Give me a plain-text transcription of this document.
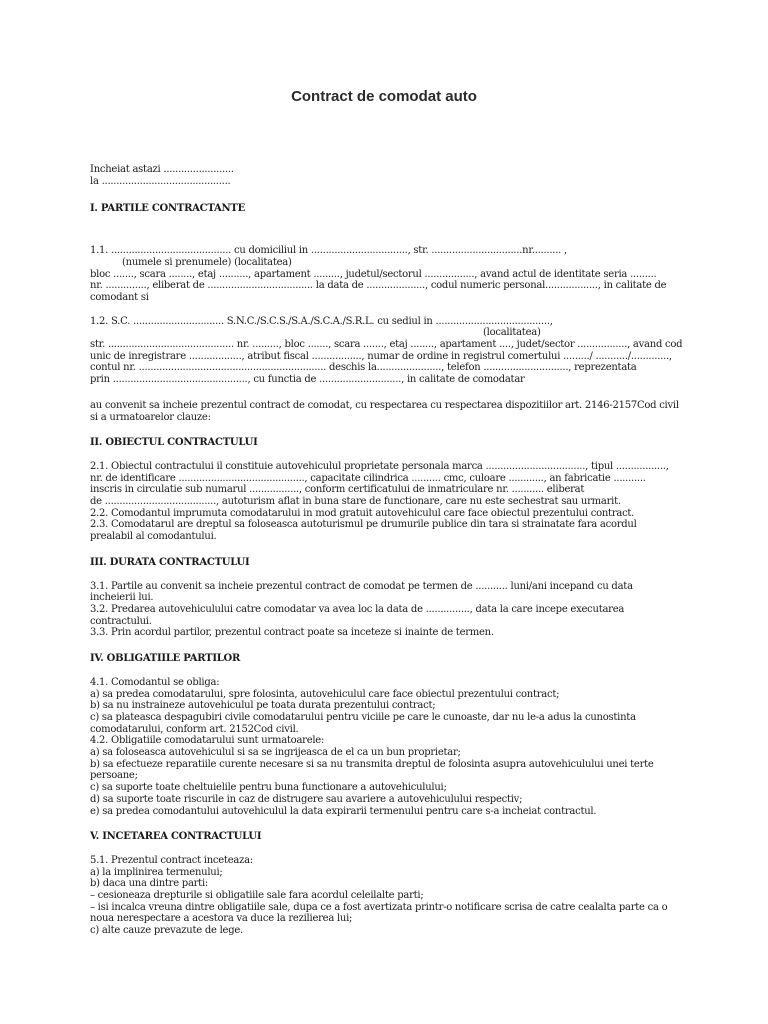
Contract de comodat auto
Incheiat astazi ........................
la ............................................
I. PARTILE CONTRACTANTE
1.1. ......................................... cu domiciliul in ................................., str. ...............................nr.......... ,
(numele si prenumele) (localitatea)
bloc ......., scara ........, etaj .........., apartament ........., judetul/sectorul ................., avand actul de identitate seria .........
nr. .............., eliberat de .................................... la data de ...................., codul numeric personal.................., in calitate de
comodant si
1.2. S.C. ............................... S.N.C./S.C.S./S.A./S.C.A./S.R.L. cu sediul in .......................................,
(localitatea)
str. ........................................... nr. ........., bloc ......., scara ......., etaj ........, apartament ...., judet/sector ................., avand cod
unic de inregistrare .................., atribut fiscal ................., numar de ordine in registrul comertului ........./ .........../.............,
contul nr. ................................................................ deschis la......................, telefon ............................., reprezentata
prin .............................................., cu functia de ............................, in calitate de comodatar
au convenit sa incheie prezentul contract de comodat, cu respectarea cu respectarea dispozitiilor art. 2146-2157Cod civil
si a urmatoarelor clauze:
II. OBIECTUL CONTRACTULUI
2.1. Obiectul contractului il constituie autovehiculul proprietate personala marca .................................., tipul .................,
nr. de identificare ..........................................., capacitate cilindrica .......... cmc, culoare ............, an fabricatie ...........
inscris in circulatie sub numarul ................., conform certificatului de inmatriculare nr. ........... eliberat
de ......................................, autoturism aflat in buna stare de functionare, care nu este sechestrat sau urmarit.
2.2. Comodantul imprumuta comodatarului in mod gratuit autovehiculul care face obiectul prezentului contract.
2.3. Comodatarul are dreptul sa foloseasca autoturismul pe drumurile publice din tara si strainatate fara acordul
prealabil al comodantului.
III. DURATA CONTRACTULUI
3.1. Partile au convenit sa incheie prezentul contract de comodat pe termen de ........... luni/ani incepand cu data
incheierii lui.
3.2. Predarea autovehiculului catre comodatar va avea loc la data de ..............., data la care incepe executarea
contractului.
3.3. Prin acordul partilor, prezentul contract poate sa inceteze si inainte de termen.
IV. OBLIGATIILE PARTILOR
4.1. Comodantul se obliga:
a) sa predea comodatarului, spre folosinta, autovehiculul care face obiectul prezentului contract;
b) sa nu instraineze autovehiculul pe toata durata prezentului contract;
c) sa plateasca despagubiri civile comodatarului pentru viciile pe care le cunoaste, dar nu le-a adus la cunostinta
comodatarului, conform art. 2152Cod civil.
4.2. Obligatiile comodatarului sunt urmatoarele:
a) sa foloseasca autovehiculul si sa se ingrijeasca de el ca un bun proprietar;
b) sa efectueze reparatiile curente necesare si sa nu transmita dreptul de folosinta asupra autovehiculului unei terte
persoane;
c) sa suporte toate cheltuielile pentru buna functionare a autovehiculului;
d) sa suporte toate riscurile in caz de distrugere sau avariere a autovehiculului respectiv;
e) sa predea comodantului autovehiculul la data expirarii termenului pentru care s-a incheiat contractul.
V. INCETAREA CONTRACTULUI
5.1. Prezentul contract inceteaza:
a) la implinirea termenului;
b) daca una dintre parti:
– cesioneaza drepturile si obligatiile sale fara acordul celeilalte parti;
– isi incalca vreuna dintre obligatiile sale, dupa ce a fost avertizata printr-o notificare scrisa de catre cealalta parte ca o
noua nerespectare a acestora va duce la rezilierea lui;
c) alte cauze prevazute de lege.
